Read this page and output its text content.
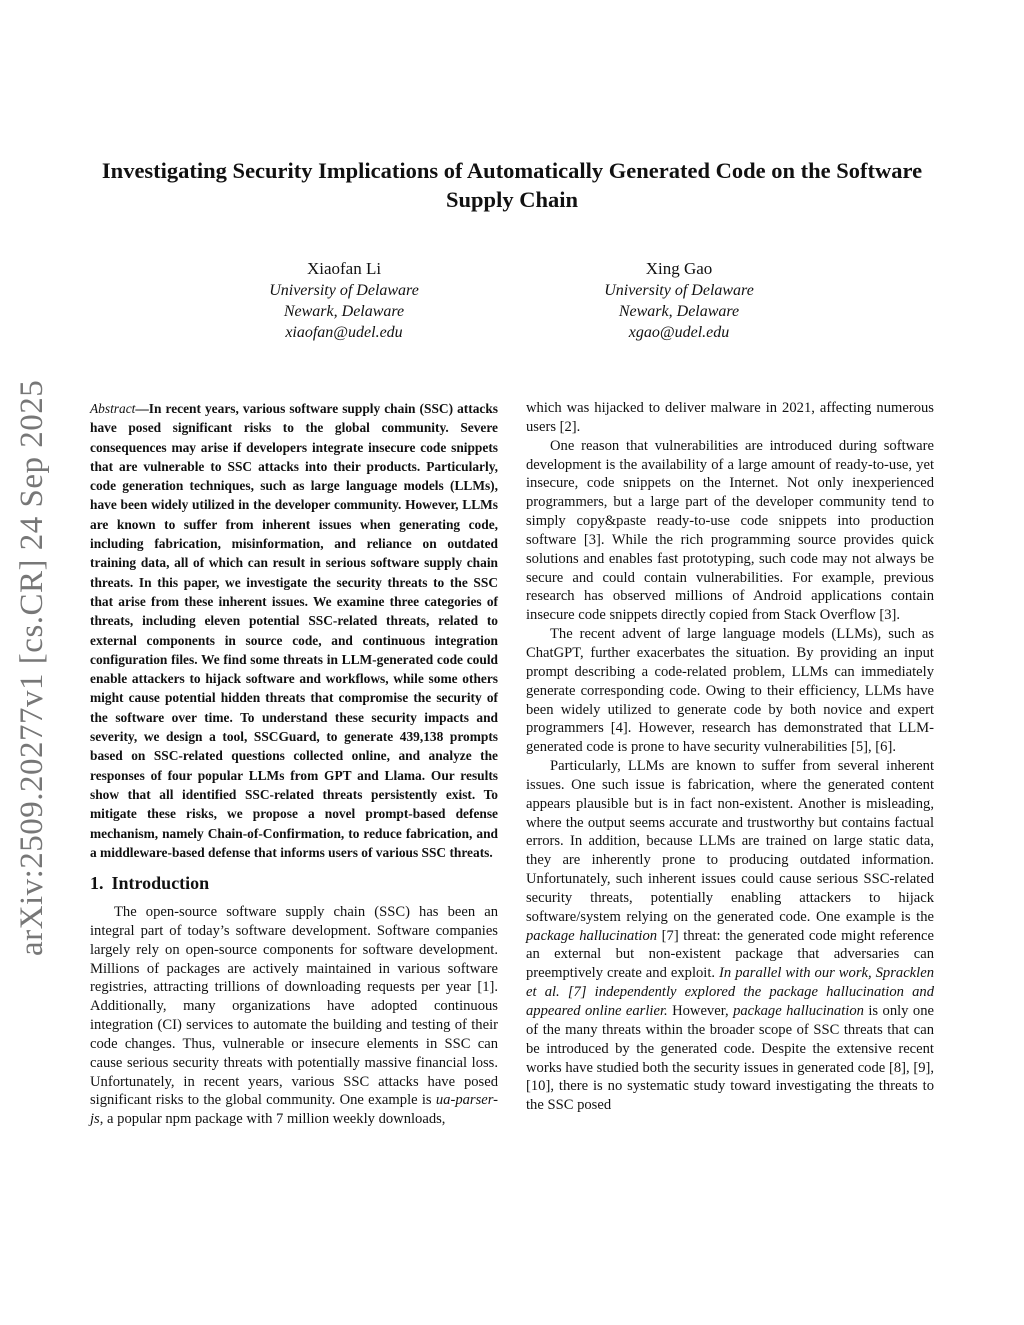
arXiv:2509.20277v1 [cs.CR] 24 Sep 2025
Investigating Security Implications of Automatically Generated Code on the Software Supply Chain
Xiaofan Li
University of Delaware
Newark, Delaware
xiaofan@udel.edu
Xing Gao
University of Delaware
Newark, Delaware
xgao@udel.edu

Abstract—In recent years, various software supply chain (SSC) attacks have posed significant risks to the global community. Severe consequences may arise if developers integrate insecure code snippets that are vulnerable to SSC attacks into their products. Particularly, code generation techniques, such as large language models (LLMs), have been widely utilized in the developer community. However, LLMs are known to suffer from inherent issues when generating code, including fabrication, misinformation, and reliance on outdated training data, all of which can result in serious software supply chain threats. In this paper, we investigate the security threats to the SSC that arise from these inherent issues. We examine three categories of threats, including eleven potential SSC-related threats, related to external components in source code, and continuous integration configuration files. We find some threats in LLM-generated code could enable attackers to hijack software and workflows, while some others might cause potential hidden threats that compromise the security of the software over time. To understand these security impacts and severity, we design a tool, SSCGuard, to generate 439,138 prompts based on SSC-related questions collected online, and analyze the responses of four popular LLMs from GPT and Llama. Our results show that all identified SSC-related threats persistently exist. To mitigate these risks, we propose a novel prompt-based defense mechanism, namely Chain-of-Confirmation, to reduce fabrication, and a middleware-based defense that informs users of various SSC threats.

1. Introduction

The open-source software supply chain (SSC) has been an integral part of today’s software development. Software companies largely rely on open-source components for software development. Millions of packages are actively maintained in various software registries, attracting trillions of downloading requests per year [1]. Additionally, many organizations have adopted continuous integration (CI) services to automate the building and testing of their code changes. Thus, vulnerable or insecure elements in SSC can cause serious security threats with potentially massive financial loss. Unfortunately, in recent years, various SSC attacks have posed significant risks to the global community. One example is ua-parser-js, a popular npm package with 7 million weekly downloads,

which was hijacked to deliver malware in 2021, affecting numerous users [2].

One reason that vulnerabilities are introduced during software development is the availability of a large amount of ready-to-use, yet insecure, code snippets on the Internet. Not only inexperienced programmers, but a large part of the developer community tend to simply copy&paste ready-to-use code snippets into production software [3]. While the rich programming source provides quick solutions and enables fast prototyping, such code may not always be secure and could contain vulnerabilities. For example, previous research has observed millions of Android applications contain insecure code snippets directly copied from Stack Overflow [3].

The recent advent of large language models (LLMs), such as ChatGPT, further exacerbates the situation. By providing an input prompt describing a code-related problem, LLMs can immediately generate corresponding code. Owing to their efficiency, LLMs have been widely utilized to generate code by both novice and expert programmers [4]. However, research has demonstrated that LLM-generated code is prone to have security vulnerabilities [5], [6].

Particularly, LLMs are known to suffer from several inherent issues. One such issue is fabrication, where the generated content appears plausible but is in fact non-existent. Another is misleading, where the output seems accurate and trustworthy but contains factual errors. In addition, because LLMs are trained on large static data, they are inherently prone to producing outdated information. Unfortunately, such inherent issues could cause serious SSC-related security threats, potentially enabling attackers to hijack software/system relying on the generated code. One example is the package hallucination [7] threat: the generated code might reference an external but non-existent package that adversaries can preemptively create and exploit. In parallel with our work, Spracklen et al. [7] independently explored the package hallucination and appeared online earlier. However, package hallucination is only one of the many threats within the broader scope of SSC threats that can be introduced by the generated code. Despite the extensive recent works have studied both the security issues in generated code [8], [9], [10], there is no systematic study toward investigating the threats to the SSC posed
